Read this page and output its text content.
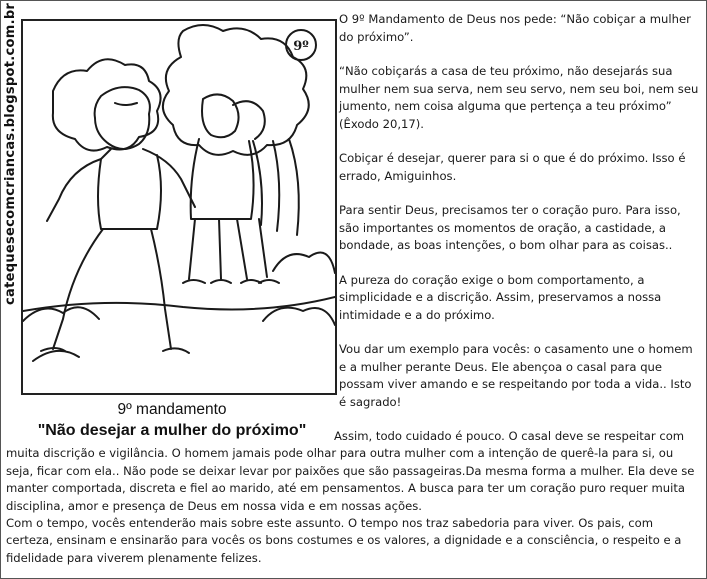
catequesecomcriancas.blogspot.com.br	9º
9º mandamento
"Não desejar a mulher do próximo"

O 9º Mandamento de Deus nos pede: “Não cobiçar a mulher do próximo”.

“Não cobiçarás a casa de teu próximo, não desejarás sua mulher nem sua serva, nem seu servo, nem seu boi, nem seu jumento, nem coisa alguma que pertença a teu próximo” (Êxodo 20,17).

Cobiçar é desejar, querer para si o que é do próximo. Isso é errado, Amiguinhos.

Para sentir Deus, precisamos ter o coração puro. Para isso, são importantes os momentos de oração, a castidade, a bondade, as boas intenções, o bom olhar para as coisas..

A pureza do coração exige o bom comportamento, a simplicidade e a discrição. Assim, preservamos a nossa intimidade e a do próximo.

Vou dar um exemplo para vocês: o casamento une o homem e a mulher perante Deus. Ele abençoa o casal para que possam viver amando e se respeitando por toda a vida.. Isto é sagrado!

Assim, todo cuidado é pouco. O casal deve se respeitar com muita discrição e vigilância. O homem jamais pode olhar para outra mulher com a intenção de querê-la para si, ou seja, ficar com ela.. Não pode se deixar levar por paixões que são passageiras.Da mesma forma a mulher. Ela deve se manter comportada, discreta e fiel ao marido, até em pensamentos. A busca para ter um coração puro requer muita disciplina, amor e presença de Deus em nossa vida e em nossas ações.

Com o tempo, vocês entenderão mais sobre este assunto. O tempo nos traz sabedoria para viver. Os pais, com certeza, ensinam e ensinarão para vocês os bons costumes e os valores, a dignidade e a consciência, o respeito e a fidelidade para viverem plenamente felizes.
